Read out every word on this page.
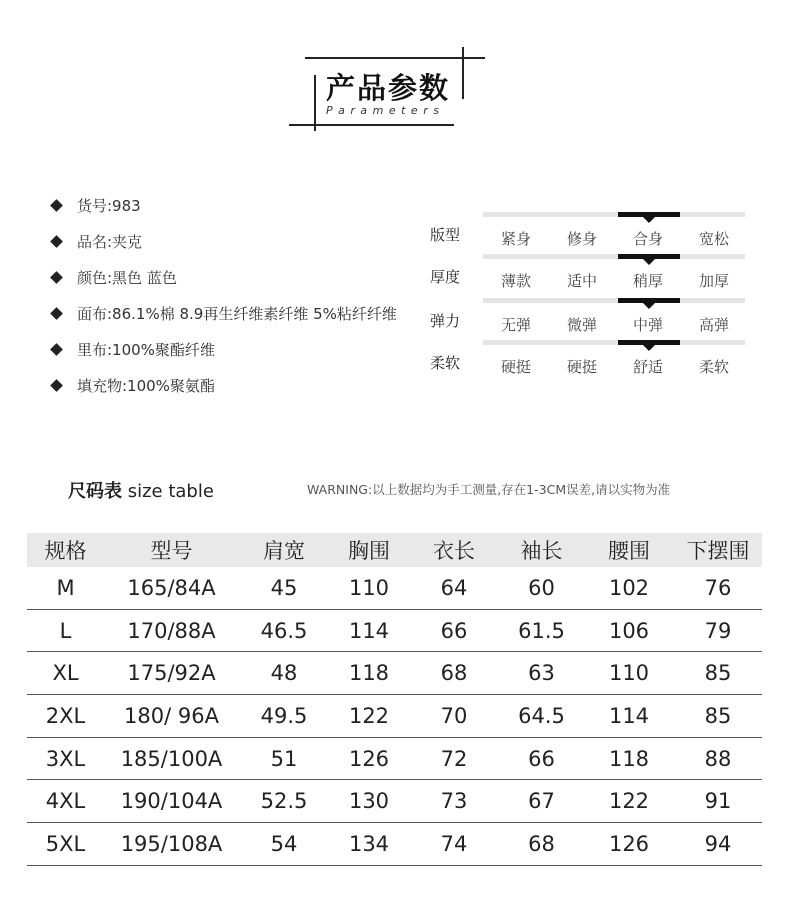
产品参数
Parameters
货号:983
品名:夹克
颜色:黑色 蓝色
面布:86.1%棉 8.9再生纤维素纤维 5%粘纤纤维
里布:100%聚酯纤维
填充物:100%聚氨酯
版型	紧身	修身	合身	宽松
厚度	薄款	适中	稍厚	加厚
弹力	无弹	微弹	中弹	高弹
柔软	硬挺	硬挺	舒适	柔软
尺码表 size table	WARNING:以上数据均为手工测量,存在1-3CM误差,请以实物为准
规格	型号	肩宽	胸围	衣长	袖长	腰围	下摆围
M	165/84A	45	110	64	60	102	76
L	170/88A	46.5	114	66	61.5	106	79
XL	175/92A	48	118	68	63	110	85
2XL	180/ 96A	49.5	122	70	64.5	114	85
3XL	185/100A	51	126	72	66	118	88
4XL	190/104A	52.5	130	73	67	122	91
5XL	195/108A	54	134	74	68	126	94
